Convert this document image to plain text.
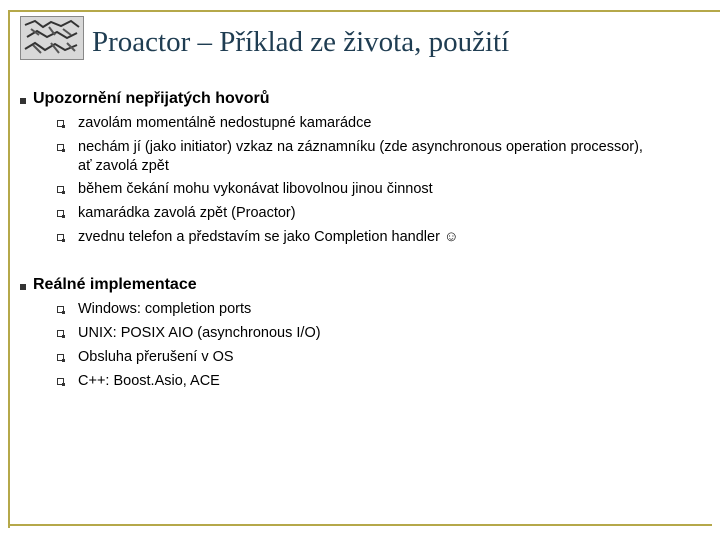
Proactor – Příklad ze života, použití
Upozornění nepřijatých hovorů
zavolám momentálně nedostupné kamarádce
nechám jí (jako initiator) vzkaz na záznamníku (zde asynchronous operation processor),
ať zavolá zpět
během čekání mohu vykonávat libovolnou jinou činnost
kamarádka zavolá zpět (Proactor)
zvednu telefon a představím se jako Completion handler ☺
Reálné implementace
Windows: completion ports
UNIX: POSIX AIO (asynchronous I/O)
Obsluha přerušení v OS
C++: Boost.Asio, ACE
